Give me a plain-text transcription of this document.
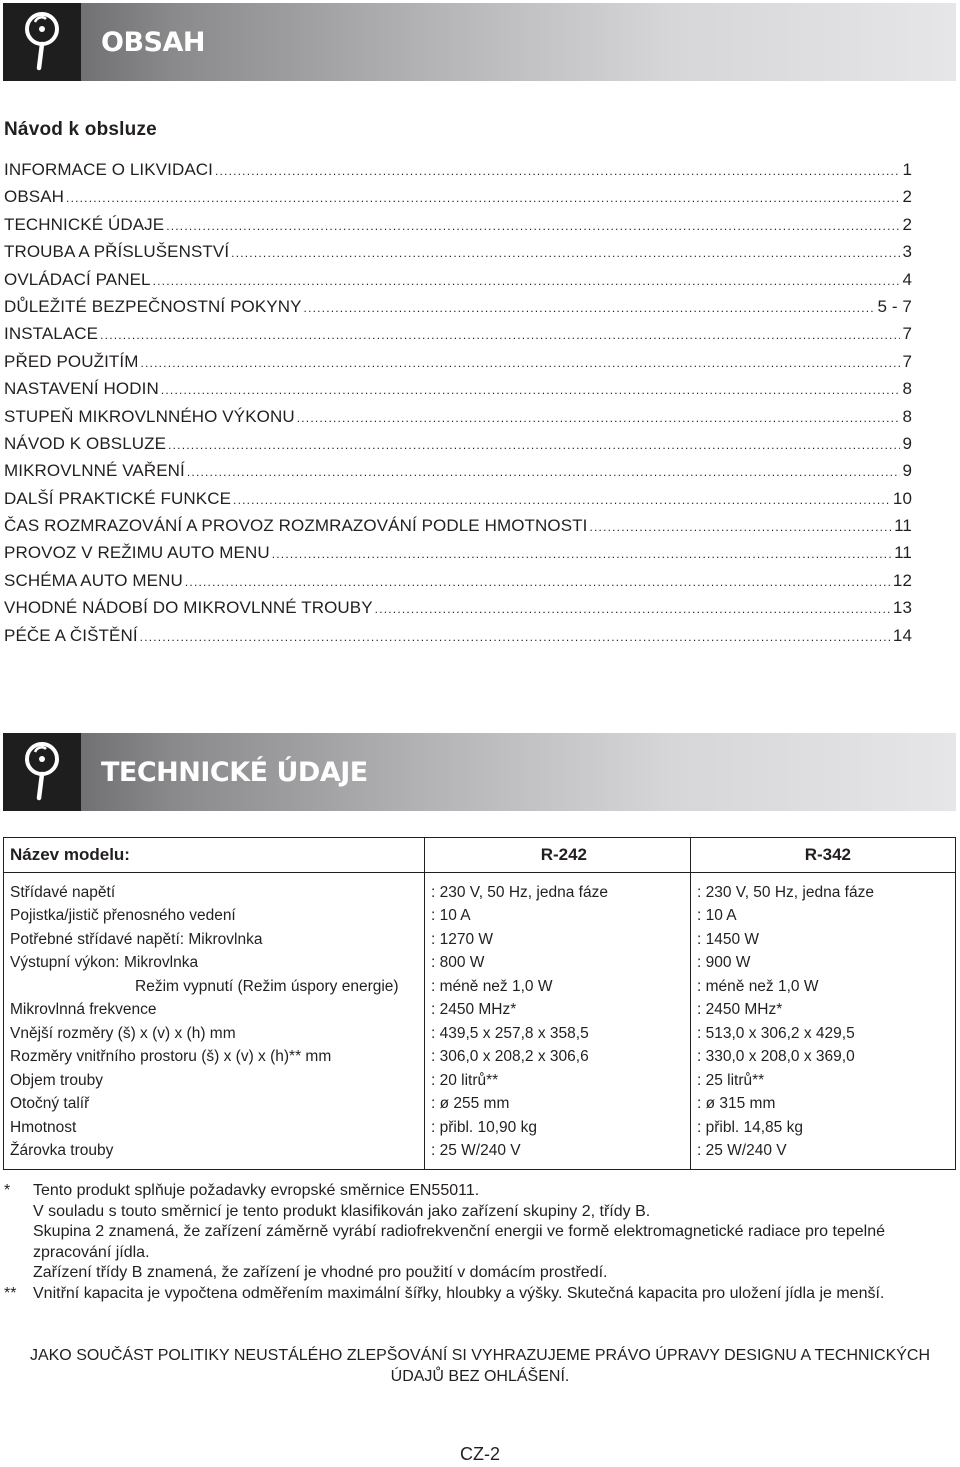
OBSAH
Návod k obsluze
INFORMACE O LIKVIDACI .....	1
OBSAH .....	2
TECHNICKÉ ÚDAJE .....	2
TROUBA A PŘÍSLUŠENSTVÍ .....	3
OVLÁDACÍ PANEL .....	4
DŮLEŽITÉ BEZPEČNOSTNÍ POKYNY .....	5 - 7
INSTALACE .....	7
PŘED POUŽITÍM .....	7
NASTAVENÍ HODIN .....	8
STUPEŇ MIKROVLNNÉHO VÝKONU .....	8
NÁVOD K OBSLUZE .....	9
MIKROVLNNÉ VAŘENÍ .....	9
DALŠÍ PRAKTICKÉ FUNKCE .....	10
ČAS ROZMRAZOVÁNÍ A PROVOZ ROZMRAZOVÁNÍ PODLE HMOTNOSTI .....	11
PROVOZ V REŽIMU AUTO MENU .....	11
SCHÉMA AUTO MENU .....	12
VHODNÉ NÁDOBÍ DO MIKROVLNNÉ TROUBY .....	13
PÉČE A ČIŠTĚNÍ .....	14
TECHNICKÉ ÚDAJE
Název modelu:	R-242	R-342
Střídavé napětí	: 230 V, 50 Hz, jedna fáze	: 230 V, 50 Hz, jedna fáze
Pojistka/jistič přenosného vedení	: 10 A	: 10 A
Potřebné střídavé napětí: Mikrovlnka	: 1270 W	: 1450 W
Výstupní výkon: Mikrovlnka	: 800 W	: 900 W
Režim vypnutí (Režim úspory energie)	: méně než 1,0 W	: méně než 1,0 W
Mikrovlnná frekvence	: 2450 MHz*	: 2450 MHz*
Vnější rozměry (š) x (v) x (h) mm	: 439,5 x 257,8 x 358,5	: 513,0 x 306,2 x 429,5
Rozměry vnitřního prostoru (š) x (v) x (h)** mm	: 306,0 x 208,2 x 306,6	: 330,0 x 208,0 x 369,0
Objem trouby	: 20 litrů**	: 25 litrů**
Otočný talíř	: ø 255 mm	: ø 315 mm
Hmotnost	: přibl. 10,90 kg	: přibl. 14,85 kg
Žárovka trouby	: 25 W/240 V	: 25 W/240 V
*	Tento produkt splňuje požadavky evropské směrnice EN55011.

V souladu s touto směrnicí je tento produkt klasifikován jako zařízení skupiny 2, třídy B.

Skupina 2 znamená, že zařízení záměrně vyrábí radiofrekvenční energii ve formě elektromagnetické radiace pro tepelné zpracování jídla.

Zařízení třídy B znamená, že zařízení je vhodné pro použití v domácím prostředí.

**	Vnitřní kapacita je vypočtena odměřením maximální šířky, hloubky a výšky. Skutečná kapacita pro uložení jídla je menší.

JAKO SOUČÁST POLITIKY NEUSTÁLÉHO ZLEPŠOVÁNÍ SI VYHRAZUJEME PRÁVO ÚPRAVY DESIGNU A TECHNICKÝCH ÚDAJŮ BEZ OHLÁŠENÍ.
CZ-2
